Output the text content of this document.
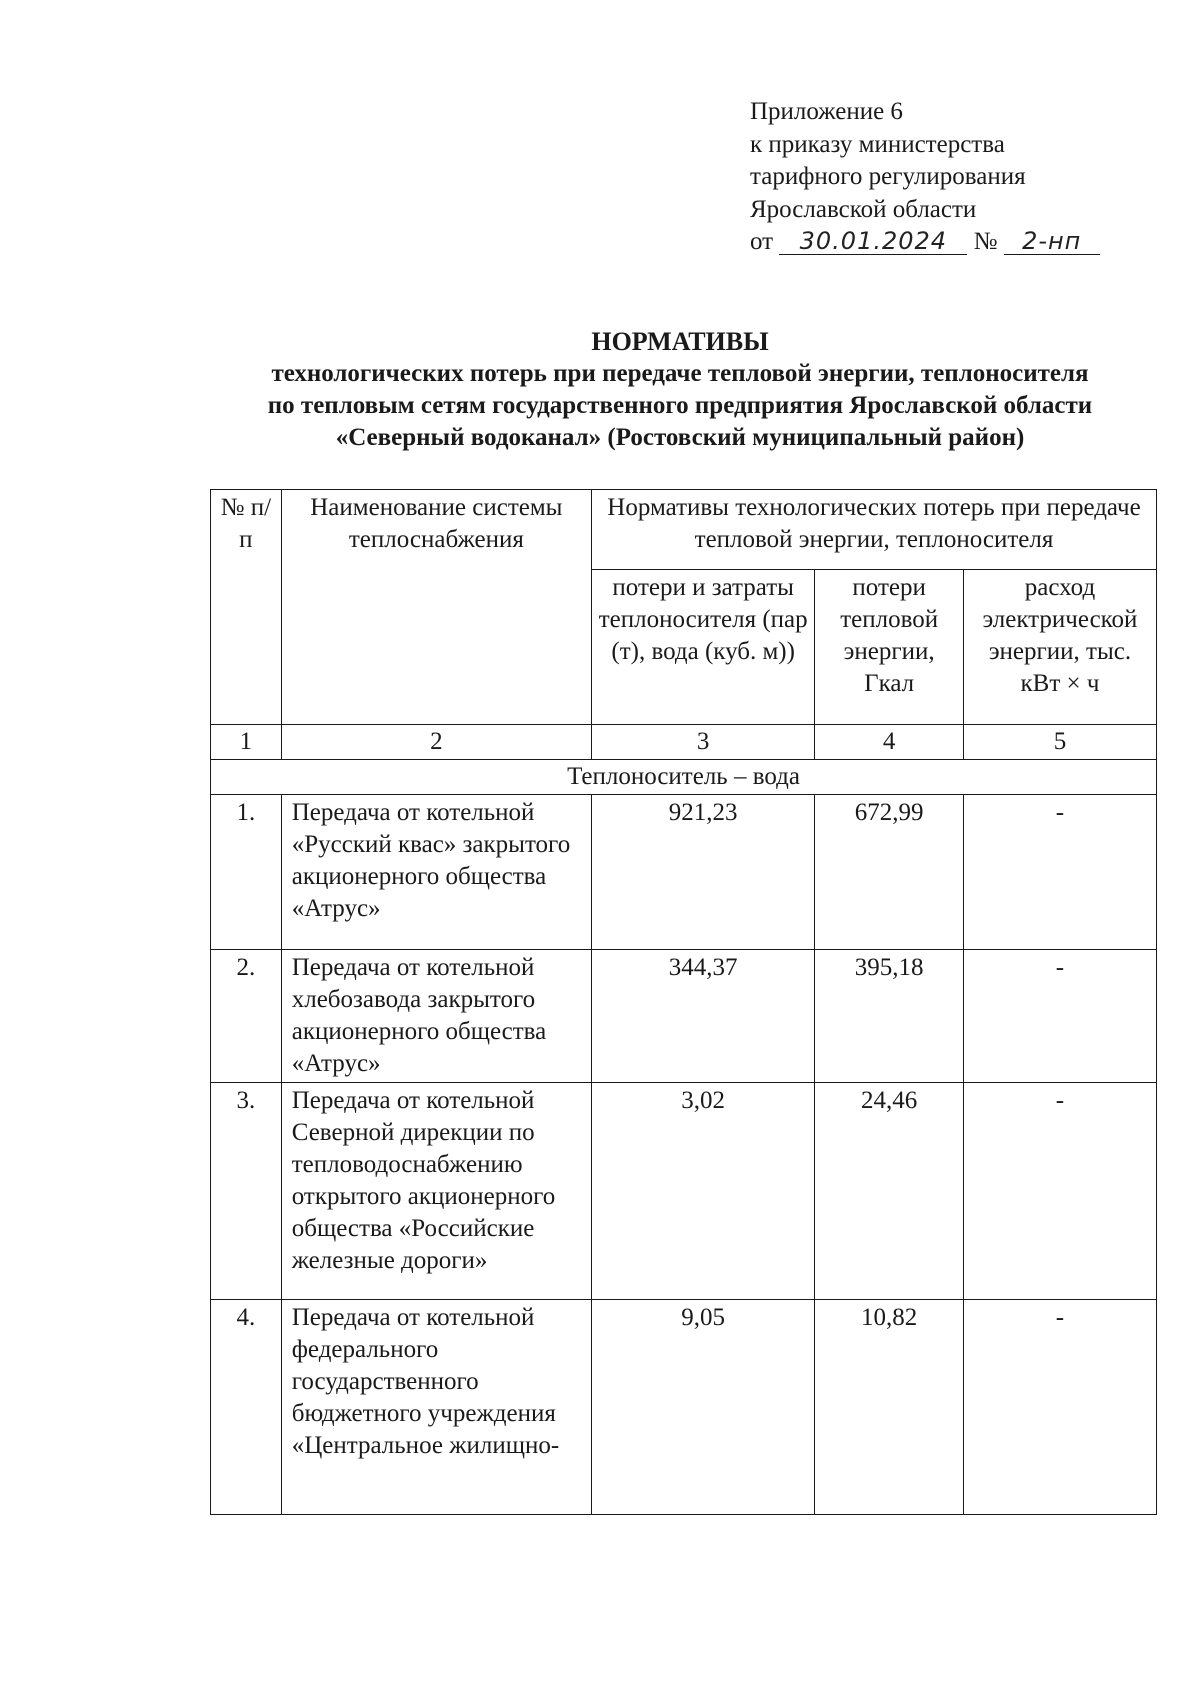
Приложение 6
к приказу министерства
тарифного регулирования
Ярославской области
от 30.01.2024 № 2-нп
НОРМАТИВЫ
технологических потерь при передаче тепловой энергии, теплоносителя
по тепловым сетям государственного предприятия Ярославской области
«Северный водоканал» (Ростовский муниципальный район)
№ п/п	Наименование системы теплоснабжения	Нормативы технологических потерь при передаче тепловой энергии, теплоносителя		
		потери и затраты теплоносителя (пар (т), вода (куб. м))	потери тепловой энергии, Гкал	расход электрической энергии, тыс. кВт × ч
1	2	3	4	5
Теплоноситель – вода				
1.	Передача от котельной «Русский квас» закрытого акционерного общества «Атрус»	921,23	672,99	-
2.	Передача от котельной хлебозавода закрытого акционерного общества «Атрус»	344,37	395,18	-
3.	Передача от котельной Северной дирекции по тепловодоснабжению открытого акционерного общества «Российские железные дороги»	3,02	24,46	-
4.	Передача от котельной федерального государственного бюджетного учреждения «Центральное жилищно-	9,05	10,82	-
